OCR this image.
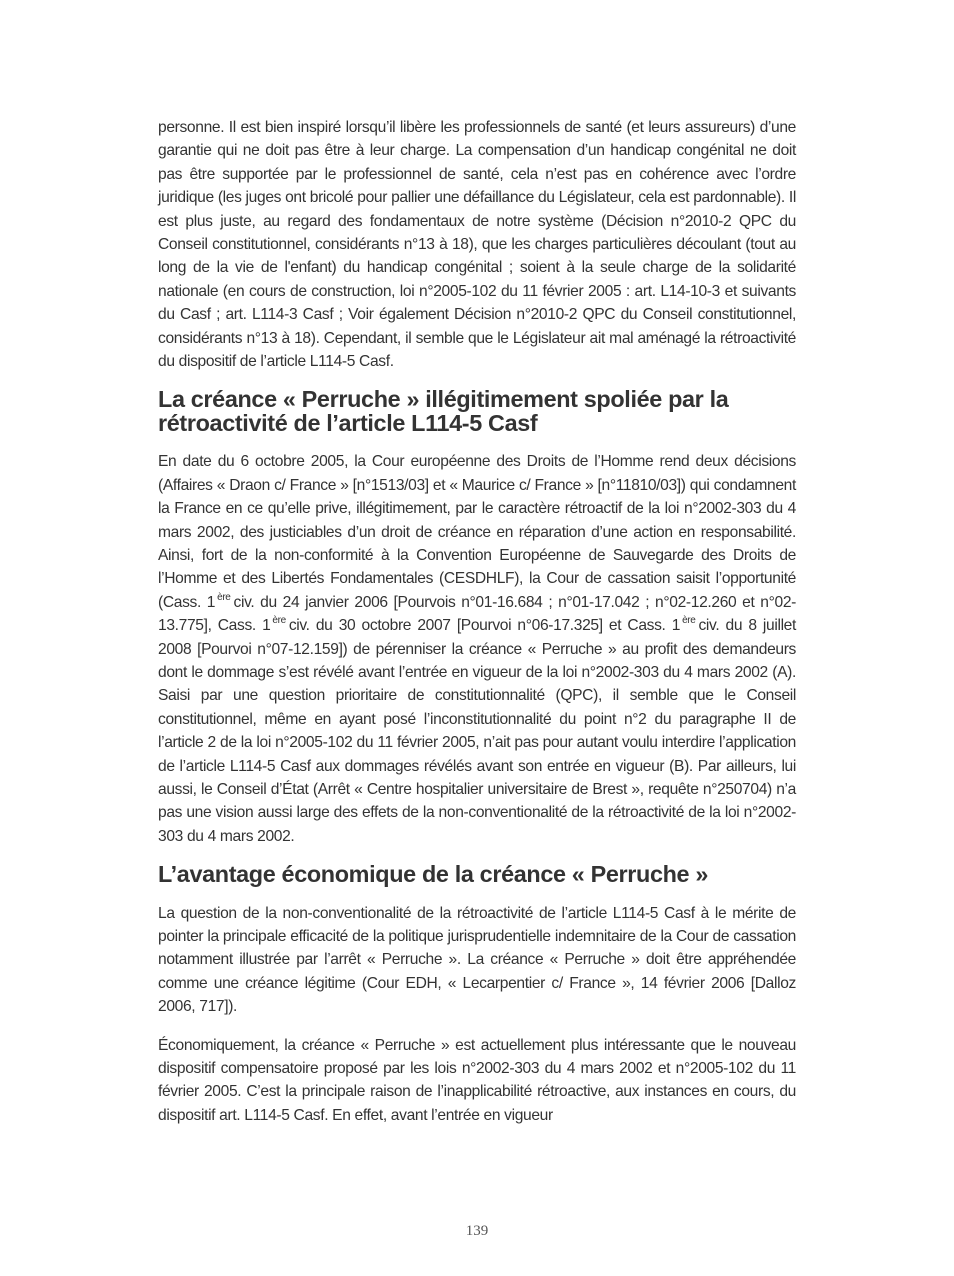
personne. Il est bien inspiré lorsqu’il libère les professionnels de santé (et leurs assureurs) d’une garantie qui ne doit pas être à leur charge. La compensation d’un handicap congénital ne doit pas être supportée par le professionnel de santé, cela n’est pas en cohérence avec l’ordre juridique (les juges ont bricolé pour pallier une défaillance du Législateur, cela est pardonnable). Il est plus juste, au regard des fondamentaux de notre système (Décision n°2010-2 QPC du Conseil constitutionnel, considérants n°13 à 18), que les charges particulières découlant (tout au long de la vie de l'enfant) du handicap congénital ; soient à la seule charge de la solidarité nationale (en cours de construction, loi n°2005-102 du 11 février 2005 : art. L14-10-3 et suivants du Casf ; art. L114-3 Casf ; Voir également Décision n°2010-2 QPC du Conseil constitutionnel, considérants n°13 à 18). Cependant, il semble que le Législateur ait mal aménagé la rétroactivité du dispositif de l’article L114-5 Casf.

La créance « Perruche » illégitimement spoliée par la rétroactivité de l’article L114-5 Casf

En date du 6 octobre 2005, la Cour européenne des Droits de l’Homme rend deux décisions (Affaires « Draon c/ France » [n°1513/03] et « Maurice c/ France » [n°11810/03]) qui condamnent la France en ce qu’elle prive, illégitimement, par le caractère rétroactif de la loi n°2002-303 du 4 mars 2002, des justiciables d’un droit de créance en réparation d’une action en responsabilité. Ainsi, fort de la non-conformité à la Convention Européenne de Sauvegarde des Droits de l’Homme et des Libertés Fondamentales (CESDHLF), la Cour de cassation saisit l’opportunité (Cass. 1 $^{ère}$ civ. du 24 janvier 2006 [Pourvois n°01-16.684 ; n°01-17.042 ; n°02-12.260 et n°02-13.775], Cass. 1 $^{ère}$ civ. du 30 octobre 2007 [Pourvoi n°06-17.325] et Cass. 1 $^{ère}$ civ. du 8 juillet 2008 [Pourvoi n°07-12.159]) de pérenniser la créance « Perruche » au profit des demandeurs dont le dommage s’est révélé avant l’entrée en vigueur de la loi n°2002-303 du 4 mars 2002 (A). Saisi par une question prioritaire de constitutionnalité (QPC), il semble que le Conseil constitutionnel, même en ayant posé l’inconstitutionnalité du point n°2 du paragraphe II de l’article 2 de la loi n°2005-102 du 11 février 2005, n’ait pas pour autant voulu interdire l’application de l’article L114-5 Casf aux dommages révélés avant son entrée en vigueur (B). Par ailleurs, lui aussi, le Conseil d’État (Arrêt « Centre hospitalier universitaire de Brest », requête n°250704) n’a pas une vision aussi large des effets de la non-conventionalité de la rétroactivité de la loi n°2002-303 du 4 mars 2002.

L’avantage économique de la créance « Perruche »

La question de la non-conventionalité de la rétroactivité de l’article L114-5 Casf à le mérite de pointer la principale efficacité de la politique jurisprudentielle indemnitaire de la Cour de cassation notamment illustrée par l’arrêt « Perruche ». La créance « Perruche » doit être appréhendée comme une créance légitime (Cour EDH, « Lecarpentier c/ France », 14 février 2006 [Dalloz 2006, 717]).

Économiquement, la créance « Perruche » est actuellement plus intéressante que le nouveau dispositif compensatoire proposé par les lois n°2002-303 du 4 mars 2002 et n°2005-102 du 11 février 2005. C’est la principale raison de l’inapplicabilité rétroactive, aux instances en cours, du dispositif art. L114-5 Casf. En effet, avant l’entrée en vigueur

139
